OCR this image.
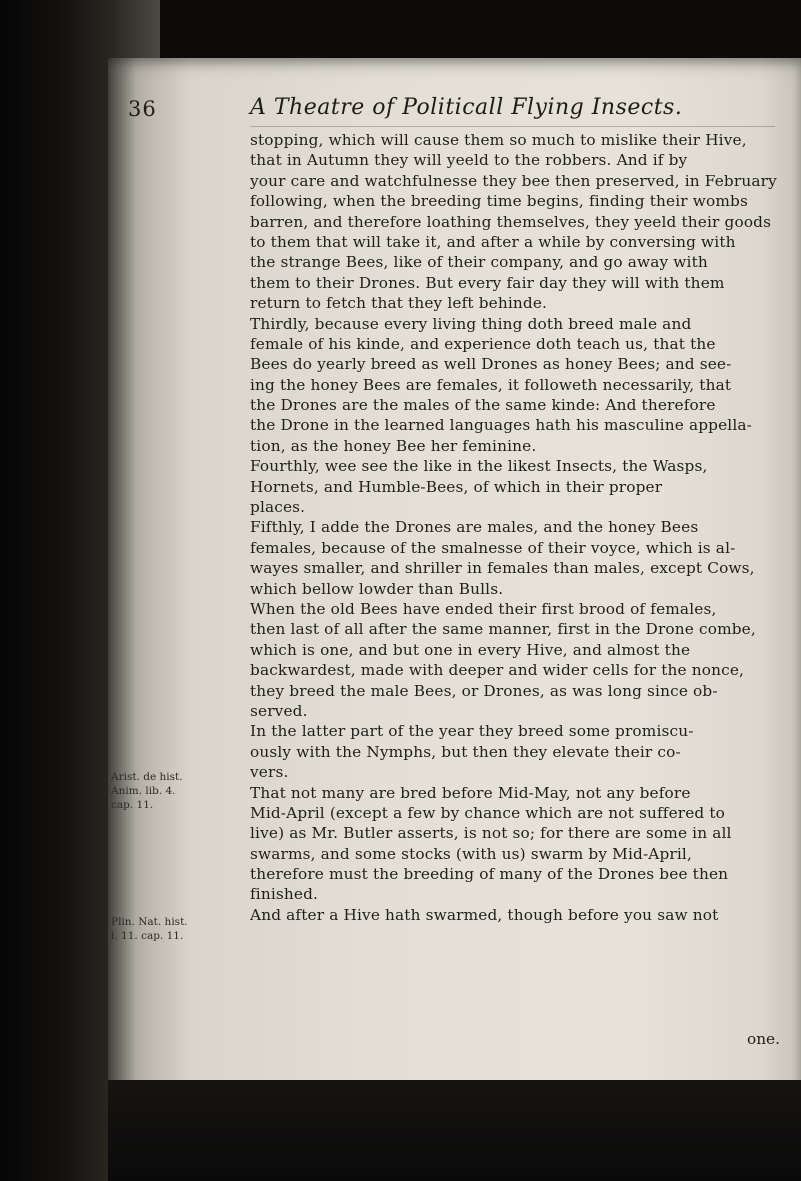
36	A Theatre of Politicall Flying Insects.
stopping, which will cause them so much to mislike their Hive,
that in Autumn they will yeeld to the robbers. And if by
your care and watchfulnesse they bee then preserved, in February
following, when the breeding time begins, finding their wombs
barren, and therefore loathing themselves, they yeeld their goods
to them that will take it, and after a while by conversing with
the strange Bees, like of their company, and go away with
them to their Drones. But every fair day they will with them
return to fetch that they left behinde.
Thirdly, because every living thing doth breed male and
female of his kinde, and experience doth teach us, that the
Bees do yearly breed as well Drones as honey Bees; and see-
ing the honey Bees are females, it followeth necessarily, that
the Drones are the males of the same kinde: And therefore
the Drone in the learned languages hath his masculine appella-
tion, as the honey Bee her feminine.
Fourthly, wee see the like in the likest Insects, the Wasps,
Hornets, and Humble-Bees, of which in their proper
places.
Fifthly, I adde the Drones are males, and the honey Bees
females, because of the smalnesse of their voyce, which is al-
wayes smaller, and shriller in females than males, except Cows,
which bellow lowder than Bulls.
When the old Bees have ended their first brood of females,
then last of all after the same manner, first in the Drone combe,
which is one, and but one in every Hive, and almost the
backwardest, made with deeper and wider cells for the nonce,
they breed the male Bees, or Drones, as was long since ob-
served.
In the latter part of the year they breed some promiscu-
ously with the Nymphs, but then they elevate their co-
vers.
That not many are bred before Mid-May, not any before
Mid-April (except a few by chance which are not suffered to
live) as Mr. Butler asserts, is not so; for there are some in all
swarms, and some stocks (with us) swarm by Mid-April,
therefore must the breeding of many of the Drones bee then
finished.
And after a Hive hath swarmed, though before you saw not
Arist. de hist.
Anim. lib. 4.
cap. 11.
Plin. Nat. hist.
l. 11. cap. 11.
one.
